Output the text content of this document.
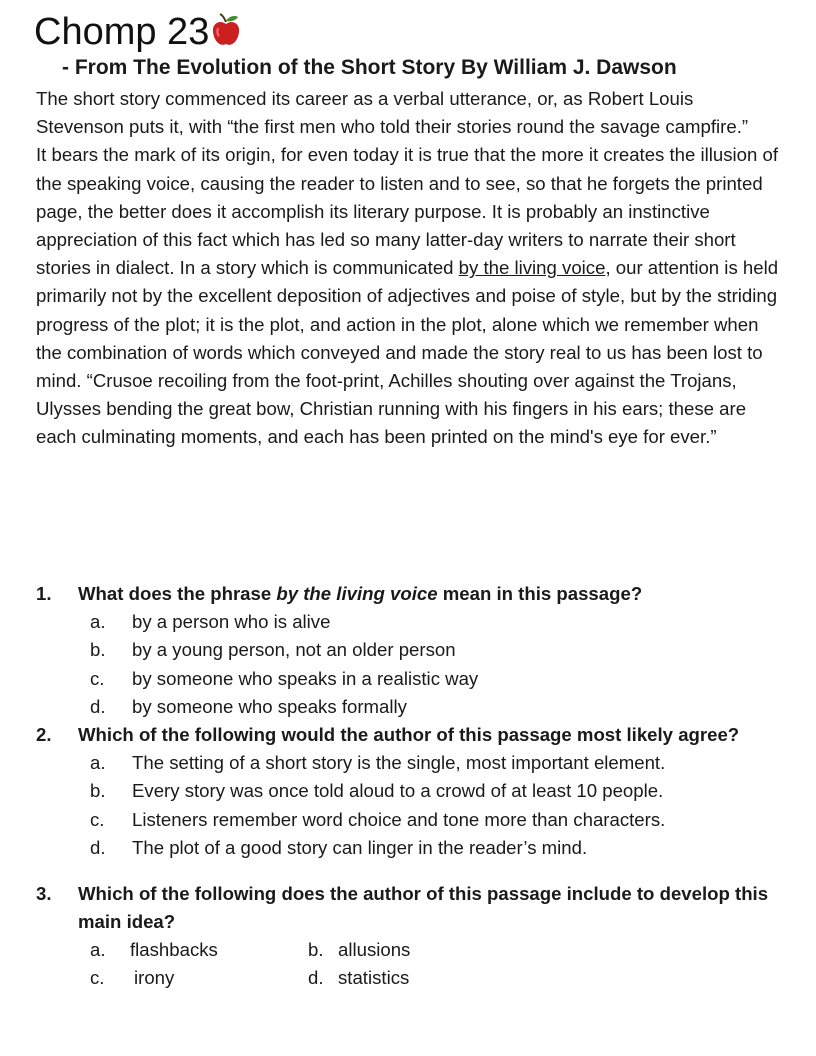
Chomp 23
- From The Evolution of the Short Story By William J. Dawson

The short story commenced its career as a verbal utterance, or, as Robert Louis Stevenson puts it, with “the first men who told their stories round the savage campfire.”

It bears the mark of its origin, for even today it is true that the more it creates the illusion of the speaking voice, causing the reader to listen and to see, so that he forgets the printed page, the better does it accomplish its literary purpose. It is probably an instinctive appreciation of this fact which has led so many latter-day writers to narrate their short stories in dialect. In a story which is communicated by the living voice, our attention is held primarily not by the excellent deposition of adjectives and poise of style, but by the striding progress of the plot; it is the plot, and action in the plot, alone which we remember when the combination of words which conveyed and made the story real to us has been lost to mind. “Crusoe recoiling from the foot-print, Achilles shouting over against the Trojans, Ulysses bending the great bow, Christian running with his fingers in his ears; these are each culminating moments, and each has been printed on the mind's eye for ever.”

1. What does the phrase by the living voice mean in this passage?
a. by a person who is alive
b. by a young person, not an older person
c. by someone who speaks in a realistic way
d. by someone who speaks formally
2. Which of the following would the author of this passage most likely agree?
a. The setting of a short story is the single, most important element.
b. Every story was once told aloud to a crowd of at least 10 people.
c. Listeners remember word choice and tone more than characters.
d. The plot of a good story can linger in the reader’s mind.
3. Which of the following does the author of this passage include to develop this main idea?
a. flashbacks	b. allusions
c. irony	d. statistics
